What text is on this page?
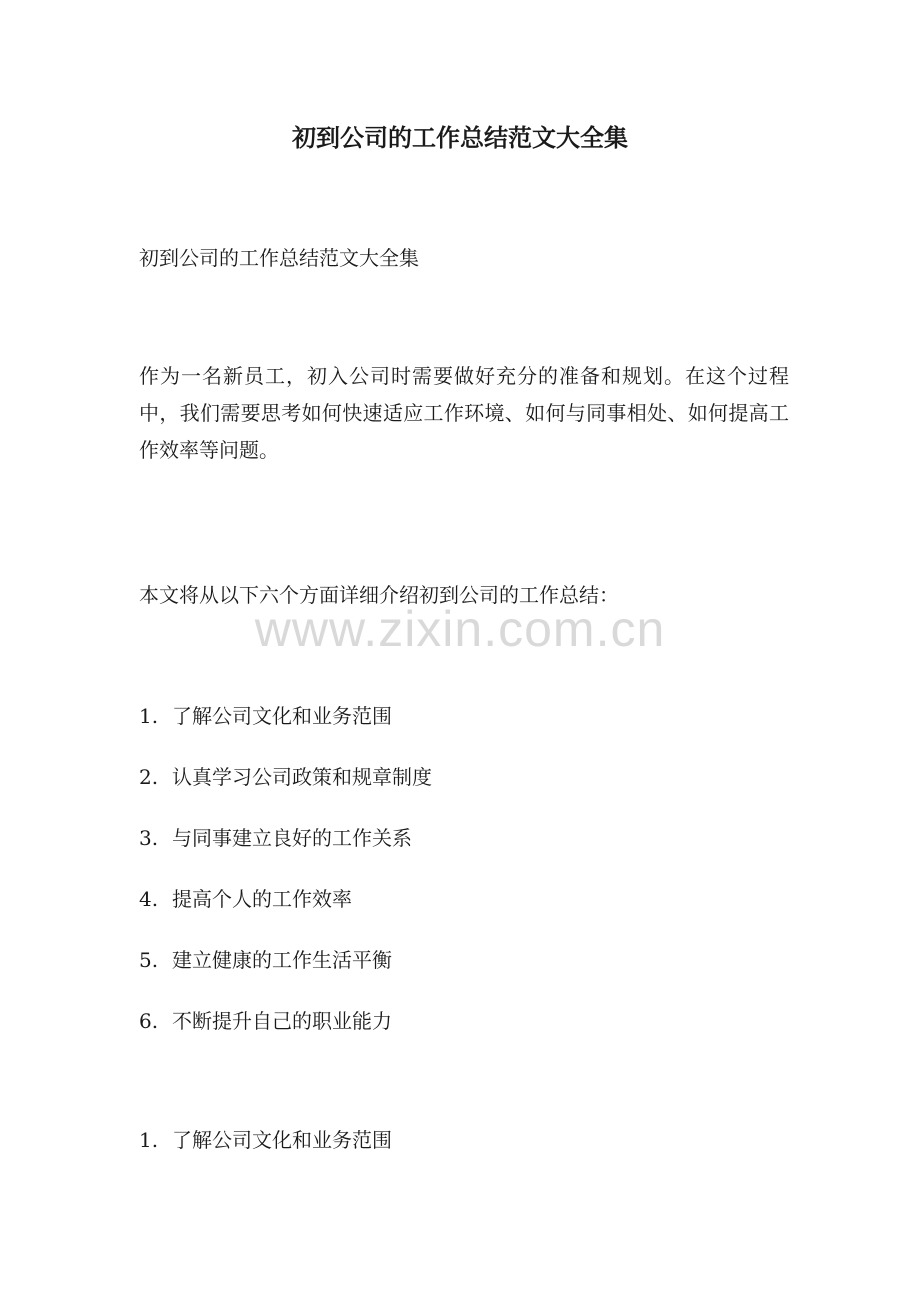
初到公司的工作总结范文大全集

初到公司的工作总结范文大全集

作为一名新员工，初入公司时需要做好充分的准备和规划。在这个过程中，我们需要思考如何快速适应工作环境、如何与同事相处、如何提高工作效率等问题。

本文将从以下六个方面详细介绍初到公司的工作总结：

1. 了解公司文化和业务范围
2. 认真学习公司政策和规章制度
3. 与同事建立良好的工作关系
4. 提高个人的工作效率
5. 建立健康的工作生活平衡
6. 不断提升自己的职业能力

1. 了解公司文化和业务范围

www.zixin.com.cn
